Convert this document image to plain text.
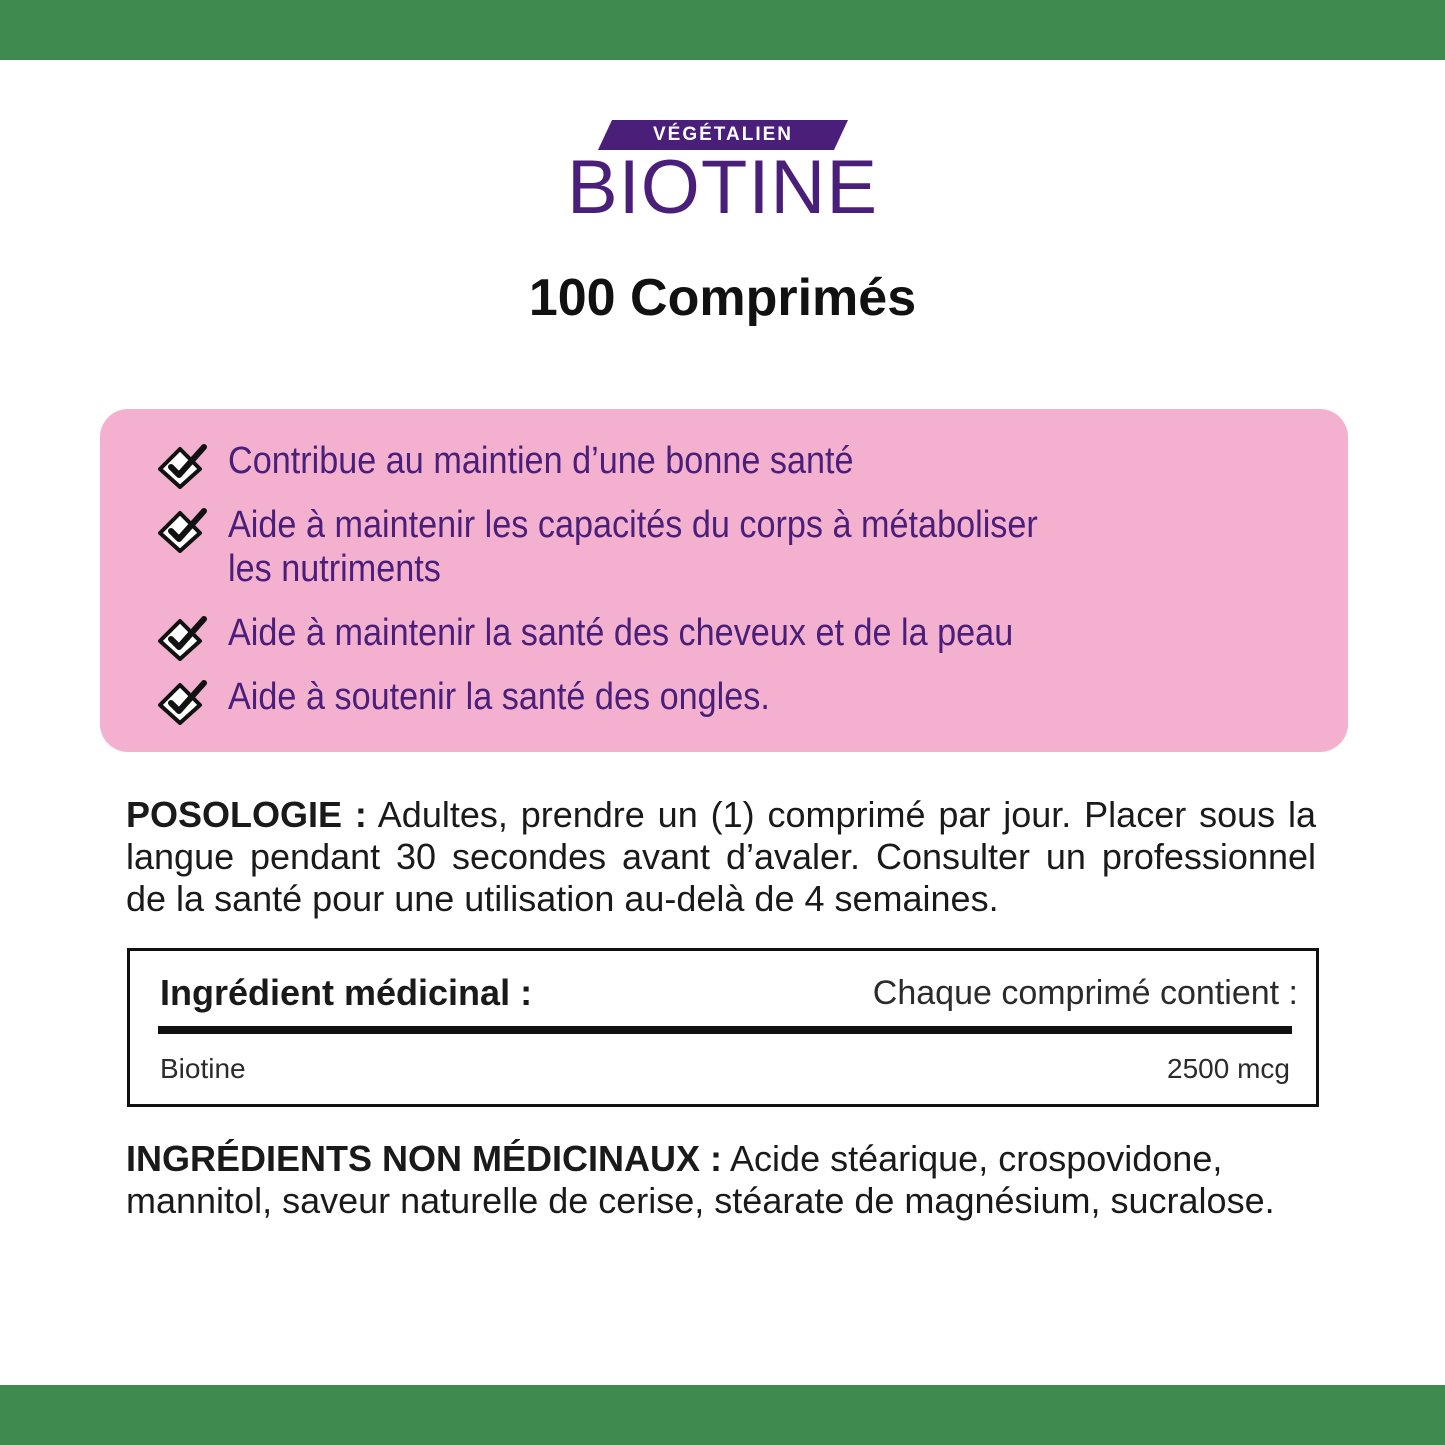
VÉGÉTALIEN
BIOTINE
100 Comprimés
Contribue au maintien d’une bonne santé
Aide à maintenir les capacités du corps à métaboliser
les nutriments
Aide à maintenir la santé des cheveux et de la peau
Aide à soutenir la santé des ongles.
POSOLOGIE : Adultes, prendre un (1) comprimé par jour. Placer sous la langue pendant 30 secondes avant d’avaler. Consulter un professionnel de la santé pour une utilisation au-delà de 4 semaines.
Ingrédient médicinal :	Chaque comprimé contient :
Biotine	2500 mcg
INGRÉDIENTS NON MÉDICINAUX : Acide stéarique, crospovidone, mannitol, saveur naturelle de cerise, stéarate de magnésium, sucralose.
